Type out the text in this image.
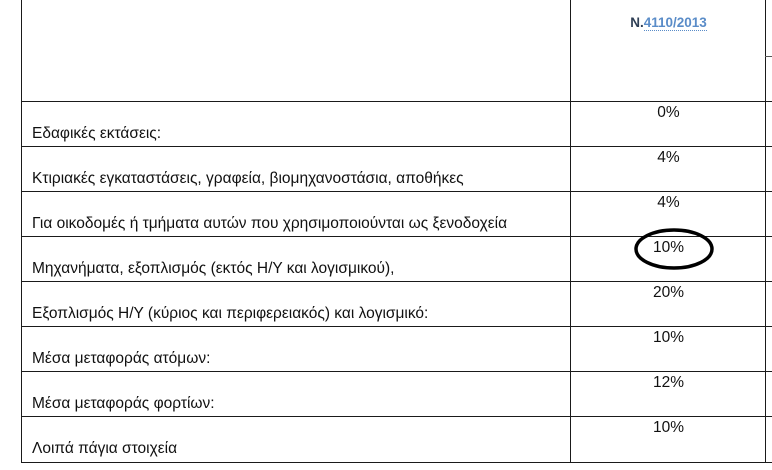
Ν.4110/2013
Εδαφικές εκτάσεις:
0%
Κτιριακές εγκαταστάσεις, γραφεία, βιομηχανοστάσια, αποθήκες
4%
Για οικοδομές ή τμήματα αυτών που χρησιμοποιούνται ως ξενοδοχεία
4%
Μηχανήματα, εξοπλισμός (εκτός Η/Υ και λογισμικού),
10%
Εξοπλισμός Η/Υ (κύριος και περιφερειακός) και λογισμικό:
20%
Μέσα μεταφοράς ατόμων:
10%
Μέσα μεταφοράς φορτίων:
12%
Λοιπά πάγια στοιχεία
10%
